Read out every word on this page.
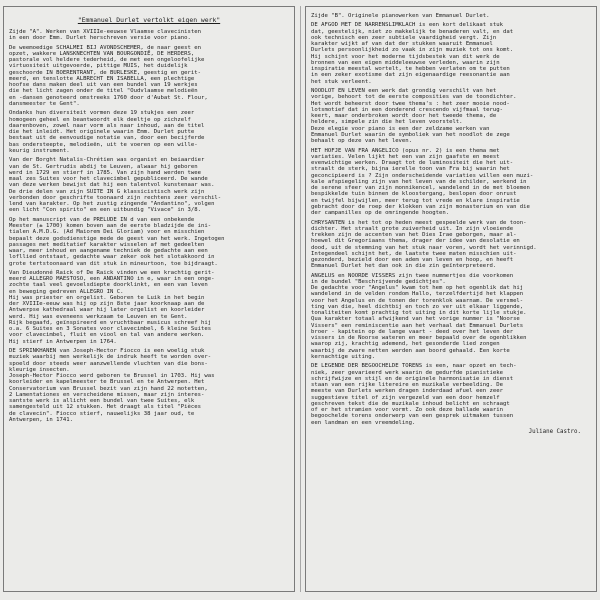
"Emmanuel Durlet vertolkt eigen werk"
Zijde "A". Werken van XVIIIe-eeuwse Vlaamse clavecinisten
in een door Emm. Durlet herschreven versie voor piano.
De weemoedige SCHALMEI BIJ AVONDSCHEMER, de naar geest en
opzet, wakkere LANSKNECHTEN VAN BOURGONDIË, DE HERDERS,
pastorale vol heldere tederheid, de met een ongeloofelijke
virtuositeit uitgevoerde, pittige MUIS, het duidelijk
geschoorde IN BOERENTRANT, de BURLESKE, geestig en gerit-
meerd, en tenslotte ALBRECHT EN ISABELLA, een plechtige
hoofse dans maken deel uit van een bundel van 19 werkjes
die het licht zagen onder de titel "Oudvlaamse melodieën
en -dansen genoteerd omstreeks 1760 door d'Aubat St. Flour,
dansmeester te Gent".
Ondanks hun diversiteit vormen deze 19 stukjes een zeer
homogeen geheel en beantwoordt elk deeltje op zichzelf
daarenboven, zowel naar vorm als naar inhoud, aan de titel
die het inleidt. Het originele waarin Emm. Durlet putte
bestaat uit de eenvoudige notatie van, door een becijferde
bas ondersteepte, melodieën, uit te voeren op een wille-
keurig instrument.
Van der Borght Natalis-Chrétien was organist en beiaardier
van de St. Gertrudis abdij te Leuven, alwaar hij geboren
werd in 1729 en stierf in 1785. Van zijn hand werden twee
maal zes Suites voor het clavecimbel gepubliceerd. De wande
van deze werken bewijst dat hij een talentvol kunstenaar was.
De drie delen van zijn SUITE IN G klassicistisch werk zijn
verbonden door geschrifte toonaard zijn rechtens zeer verschil-
lend van karakter. Op het zustig zingende "Andantino", volgen
een licht "Con spirito" en een uitbundig "Vivace" in 3/8.
Op het manuscript van de PRELUDE IN d van een onbekende
Meester (± 1700) komen boven aan de eerste bladzijde de ini-
tialen A.M.D.G. (Ad Maiorem Dei Gloriam) voor en misschien
bepaalt deze godsdienstige mede de geest van het werk. Ingetogen
passages met meditatief karakter wisselen af met gedeelten
waar, meer inhoud en aangename techniek de gedachte aan een
lofllied ontstaat, gedachte waar zeker ook het slotakkoord in
grote tertstoonaard van dit stuk in mineurtoon, toe bijdraagt.
Van Dieudonné Raick of De Raick vinden we een krachtig gerit-
meerd ALLEGRO MAESTOSO, een ANDANTINO in e, waar in een onge-
zochte taal veel gevoelsdiepte doorklinkt, en een van leven
en beweging gedreven ALLEGRO IN C.
Hij was priester en orgelist. Geboren te Luik in het begin
der XVIIIe-eeuw was hij op zijn 8ste jaar koorknaap aan de
Antwerpse kathedraal waar hij later orgelist en koorleider
werd. Hij was eveneens werkzaam te Leuven en te Gent.
Rijk begaafd, geïnspireerd en vruchtbaar musicus schreef hij
o.a. 6 Suites en 3 Sonates voor clavecimbel, 6 kleine Suites
voor clavecimbel, fluit en viool en tal van andere werken.
Hij stierf in Antwerpen in 1764.
DE SPRINKHANEN van Joseph-Hector Fiocco is een woelig stuk
muziek waarbij men werkelijk de indruk heeft te worden over-
spoeld door steeds weer aanzwellende vluchten van die bons-
kleurige insecten.
Joseph-Hector Fiocco werd geboren te Brussel in 1703. Hij was
koorleider en kapelmeester te Brussel en te Antwerpen. Het
Conservatorium van Brussel bezit van zijn hand 22 motetten,
2 Lamentationes en verscheidene missen, maar zijn interes-
santste werk is allicht een bundel van twee Suites, elk
samengesteld uit 12 stukken. Het draagt als titel "Pièces
de clavecin". Fiocco stierf, nauwelijks 38 jaar oud, te
Antwerpen, in 1741.
Zijde "B". Originele pianowerken van Emmanuel Durlet.
DE AFGOD MET DE NARRENSLIMKLACH is een kort delikaat stuk
dat, geestelijk, niet zo makkelijk te benaderen valt, en dat
ook technisch een zeer subtiele vaardigheid vergt. Zijn
karakter wijkt af van dat der stukken waaruit Emmanuel
Durlets persoonlijkheid zo vaak in zijn muziek tot ons komt.
Hij schijnt voor het moderne tijdsbestek van dit werk de
bronnen van een eigen middeleeuwse verleden, waarin zijn
inspiratie meestal wortelt, te hebben verlaten om te putten
in een zeker exotisme dat zijn eigenaardige reesonantie aan
het stuk verleent.
NOODLOT EN LEVEN een werk dat grondig verschilt van het
vorige, behoort tot de eerste composities van de toondichter.
Het wordt beheerst door twee thema's : het zeer mooie nood-
lotsmotief dat in een donderend crescendo vijfmaal terug-
keert, maar onderbroken wordt door het tweede thema, de
heldere, simpele zin die het leven voorstelt.
Deze elegie voor piano is een der zeldzame werken van
Emmanuel Durlet waarin de symboliek van het noodlot de zege
behaalt op deze van het leven.
HET HOFJE VAN FRA ANGELICO (opus nr. 2) is een thema met
variaties. Velen lijkt het een van zijn gaafste en meest
evenwichtige werken. Draagt tot de luminositeit die het uit-
straalt de sterk, bijna ierelle toon van Fra bij waarin het
geconcipieerd is ? Zijn onderscheidende variaties willen een muzi-
kale afspiegeling zijn van het leven van de schilder, werkend in
de serene sfeer van zijn monnikencel, wandelend in de met bloemen
bespikkelde tuin binnen de kloostergang, beslopen door onrust
en twijfel bijwijlen, meer terug tot vrede en klare inspiratie
gebracht door de roep der klokken van zijn monasterium en van die
der campanilles op de omringende hoogten.
CHRYSANTEN is het tot op heden meest gespeelde werk van de toon-
dichter. Het straalt grote zuiverheid uit. In zijn vloeiende
trekken zijn de accenten van het Dies Irae geborgen, maar al-
hoewel dit Gregoriaans thema, drager der idee van desolatie en
dood, uit de stemming van het stuk naar voren, wordt het verinnigd.
Integendeel schijnt het, de laatste twee maten misschien uit-
gezonderd, bezield door een adem van leven en hoop, en heeft
Emmanuel Durlet het dan ook in die zin geïnterpreteerd.
ANGELUS en NOORDE VISSERS zijn twee nummertjes die voorkomen
in de bundel "Beschrijvende gedichtjes".
De gedachte voor "Angelus" kwam tot hem op het ogenblik dat hij
wandelend in de velden rondom Hallo, terzelfdertijd het klappen
voor het Angelus en de tonen der torenklok waarnam. De versmel-
ting van die, heel dichtbij en toch zo ver uit elkaar liggende,
tonaliteiten komt prachtig tot uiting in dit korte lijle stukje.
Qua karakter totaal afwijkend van het vorige nummer is "Noorse
Vissers" een reminiscentie aan het verhaal dat Emmanuel Durlets
broer - kapitein op de lange vaart - deed over het leven der
vissers in de Noorse wateren en meer bepaald over de ogenblikken
waarop zij, krachtig ademend, het gesonderde lied zongen
waarbij de zware netten werden aan boord gehaald. Een korte
kernachtige uiting.
DE LEGENDE DER BEGOOCHELDE TORENS is een, naar opzet en tech-
niek, zeer gevarieerd werk waarin de gedurfde pianistieke
schrijfwijze en stijl en de originele harmonisatie in dienst
staan van een rijke litereire en muzikale verbeelding. De
meeste van Durlets werken dragen inderdaad afuel een zeer
suggestieve titel of zijn vergezeld van een door hemzelf
geschreven tekst die de muzikale inhoud belicht en schraagt
of er het stramien voor vormt. Zo ook deze ballade waarin
begoochelde torens onderwerp van een gesprek uitmaken tussen
een landman en een vreemdeling.
Juliane Castro.
